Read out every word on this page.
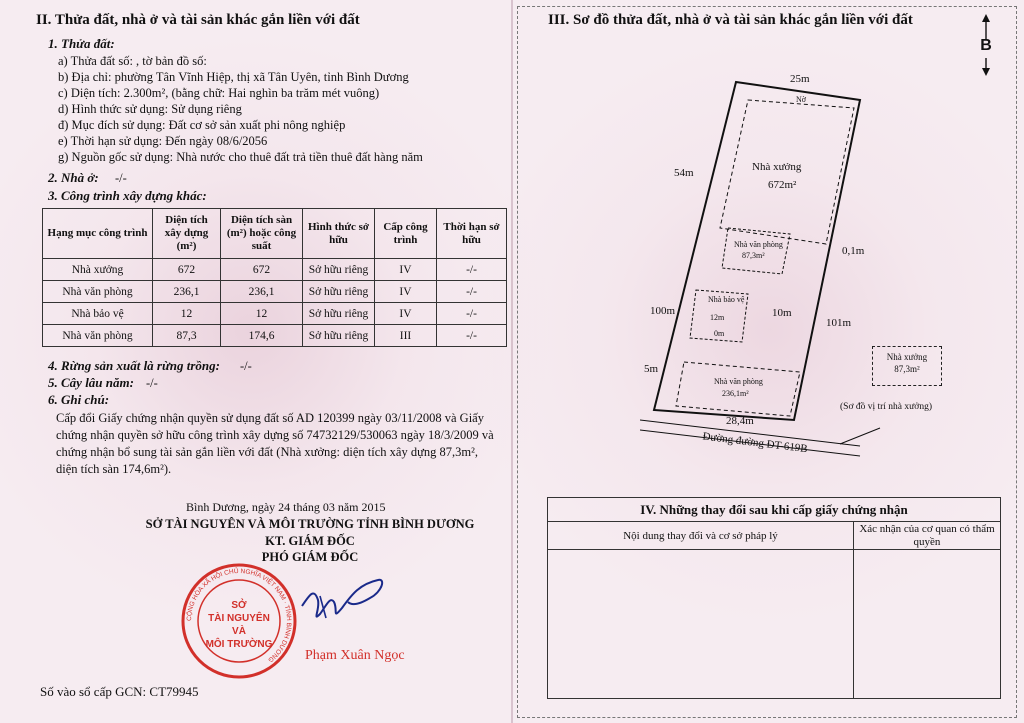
II. Thửa đất, nhà ở và tài sản khác gắn liền với đất
1. Thửa đất:
a) Thửa đất số: , tờ bản đồ số:
b) Địa chỉ: phường Tân Vĩnh Hiệp, thị xã Tân Uyên, tỉnh Bình Dương
c) Diện tích: 2.300m², (bằng chữ: Hai nghìn ba trăm mét vuông)
d) Hình thức sử dụng: Sử dụng riêng
đ) Mục đích sử dụng: Đất cơ sở sản xuất phi nông nghiệp
e) Thời hạn sử dụng: Đến ngày 08/6/2056
g) Nguồn gốc sử dụng: Nhà nước cho thuê đất trả tiền thuê đất hàng năm
2. Nhà ở: -/-
3. Công trình xây dựng khác:
Hạng mục công trình	Diện tích xây dựng (m²)	Diện tích sàn (m²) hoặc công suất	Hình thức sở hữu	Cấp công trình	Thời hạn sở hữu
Nhà xưởng	672	672	Sở hữu riêng	IV	-/-
Nhà văn phòng	236,1	236,1	Sở hữu riêng	IV	-/-
Nhà bảo vệ	12	12	Sở hữu riêng	IV	-/-
Nhà văn phòng	87,3	174,6	Sở hữu riêng	III	-/-
4. Rừng sản xuất là rừng trồng: -/-
5. Cây lâu năm: -/-
6. Ghi chú:
Cấp đổi Giấy chứng nhận quyền sử dụng đất số AD 120399 ngày 03/11/2008 và Giấy chứng nhận quyền sở hữu công trình xây dựng số 74732129/530063 ngày 18/3/2009 và chứng nhận bổ sung tài sản gắn liền với đất (Nhà xưởng: diện tích xây dựng 87,3m², diện tích sàn 174,6m²).
Bình Dương, ngày 24 tháng 03 năm 2015
SỞ TÀI NGUYÊN VÀ MÔI TRƯỜNG TỈNH BÌNH DƯƠNG
KT. GIÁM ĐỐC
PHÓ GIÁM ĐỐC
CỘNG HÒA XÃ HỘI CHỦ NGHĨA VIỆT NAM · TỈNH BÌNH DƯƠNG
SỞ
TÀI NGUYÊN
VÀ
MÔI TRƯỜNG
Phạm Xuân Ngọc
Số vào sổ cấp GCN: CT79945
III. Sơ đồ thửa đất, nhà ở và tài sản khác gắn liền với đất
B
25m
Nờ
54m	Nhà xưởng
672m²
Nhà văn phòng
87,3m²	0,1m
Nhà bảo vệ
12m
0m
100m	10m
101m
5m
Nhà văn phòng
236,1m²
28,4m
Đường đường ĐT-619B
Nhà xưởng
87,3m²
(Sơ đồ vị trí nhà xưởng)
IV. Những thay đổi sau khi cấp giấy chứng nhận
Nội dung thay đổi và cơ sở pháp lý
Xác nhận của cơ quan có thẩm quyền
